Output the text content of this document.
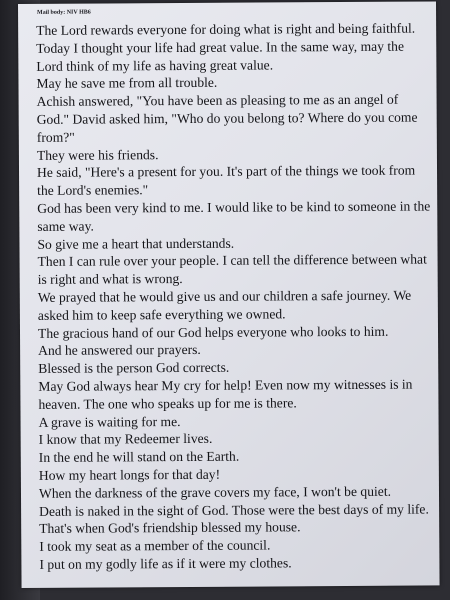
Mail body: NIV HB6
The Lord rewards everyone for doing what is right and being faithful.
Today I thought your life had great value. In the same way, may the Lord think of my life as having great value.
May he save me from all trouble.
Achish answered, "You have been as pleasing to me as an angel of God." David asked him, "Who do you belong to? Where do you come from?"
They were his friends.
He said, "Here's a present for you. It's part of the things we took from the Lord's enemies."
God has been very kind to me. I would like to be kind to someone in the same way.
So give me a heart that understands.
Then I can rule over your people. I can tell the difference between what is right and what is wrong.
We prayed that he would give us and our children a safe journey. We asked him to keep safe everything we owned.
The gracious hand of our God helps everyone who looks to him.
And he answered our prayers.
Blessed is the person God corrects.
May God always hear My cry for help! Even now my witnesses is in heaven. The one who speaks up for me is there.
A grave is waiting for me.
I know that my Redeemer lives.
In the end he will stand on the Earth.
How my heart longs for that day!
When the darkness of the grave covers my face, I won't be quiet.
Death is naked in the sight of God. Those were the best days of my life. That's when God's friendship blessed my house.
I took my seat as a member of the council.
I put on my godly life as if it were my clothes.
